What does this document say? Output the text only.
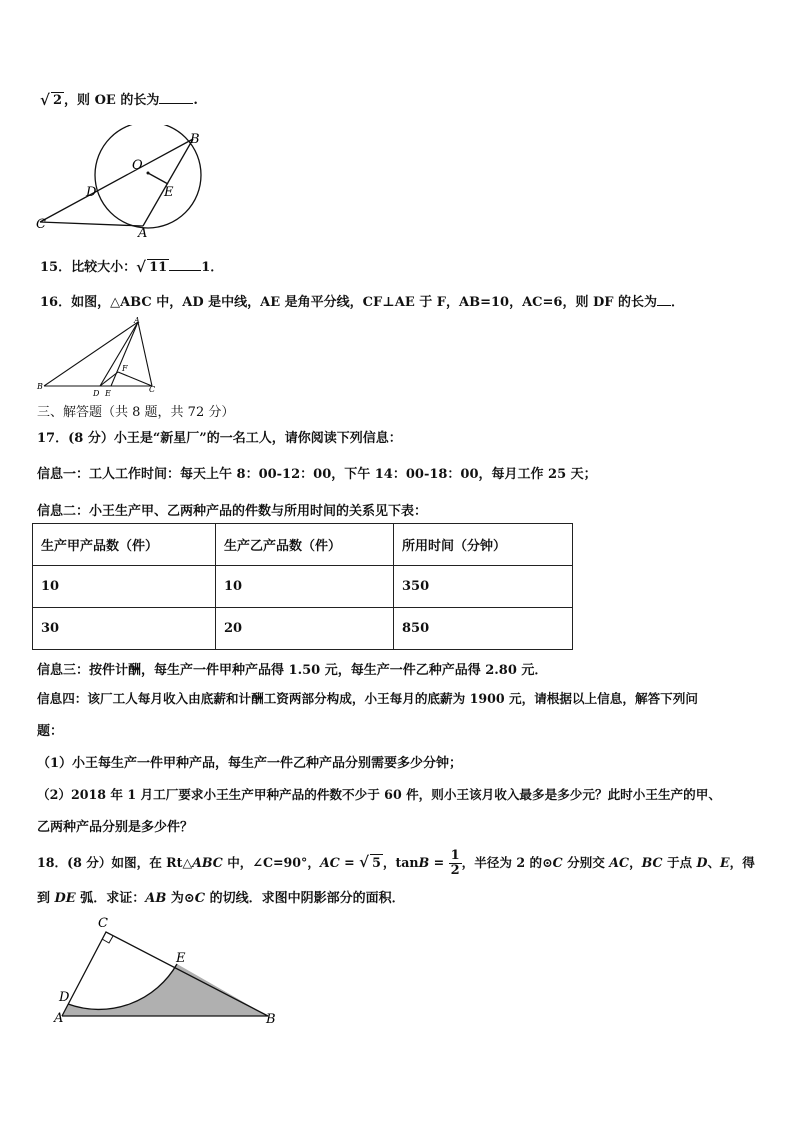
√ 2 ，则 OE 的长为	.
O
B
D	E
C
A
15．比较大小： √ 11	1．
16．如图，△ABC 中，AD 是中线，AE 是角平分线，CF⊥AE 于 F，AB=10，AC=6，则 DF 的长为 ．
A
B	C
D E
F
三、解答题（共 8 题，共 72 分）
17．(8 分）小王是“新星厂”的一名工人，请你阅读下列信息：
信息一：工人工作时间：每天上午 8：00-12：00，下午 14：00-18：00，每月工作 25 天；
信息二：小王生产甲、乙两种产品的件数与所用时间的关系见下表：
生产甲产品数（件）	生产乙产品数（件）	所用时间（分钟）
10	10	350
30	20	850
信息三：按件计酬，每生产一件甲种产品得 1.50 元，每生产一件乙种产品得 2.80 元．
信息四：该厂工人每月收入由底薪和计酬工资两部分构成，小王每月的底薪为 1900 元，请根据以上信息，解答下列问
题：
（1）小王每生产一件甲种产品，每生产一件乙种产品分别需要多少分钟；
（2）2018 年 1 月工厂要求小王生产甲种产品的件数不少于 60 件，则小王该月收入最多是多少元？此时小王生产的甲、
乙两种产品分别是多少件？
18．(8 分）如图，在 Rt△ABC 中，∠C=90°，AC = √ 5 ，$\tan B = \frac{1}{2}$ ，半径为 2 的⊙C 分别交 AC，BC 于点 D、E，得
到 DE 弧．求证：AB 为⊙C 的切线．求图中阴影部分的面积．
C
E
D
A	B
